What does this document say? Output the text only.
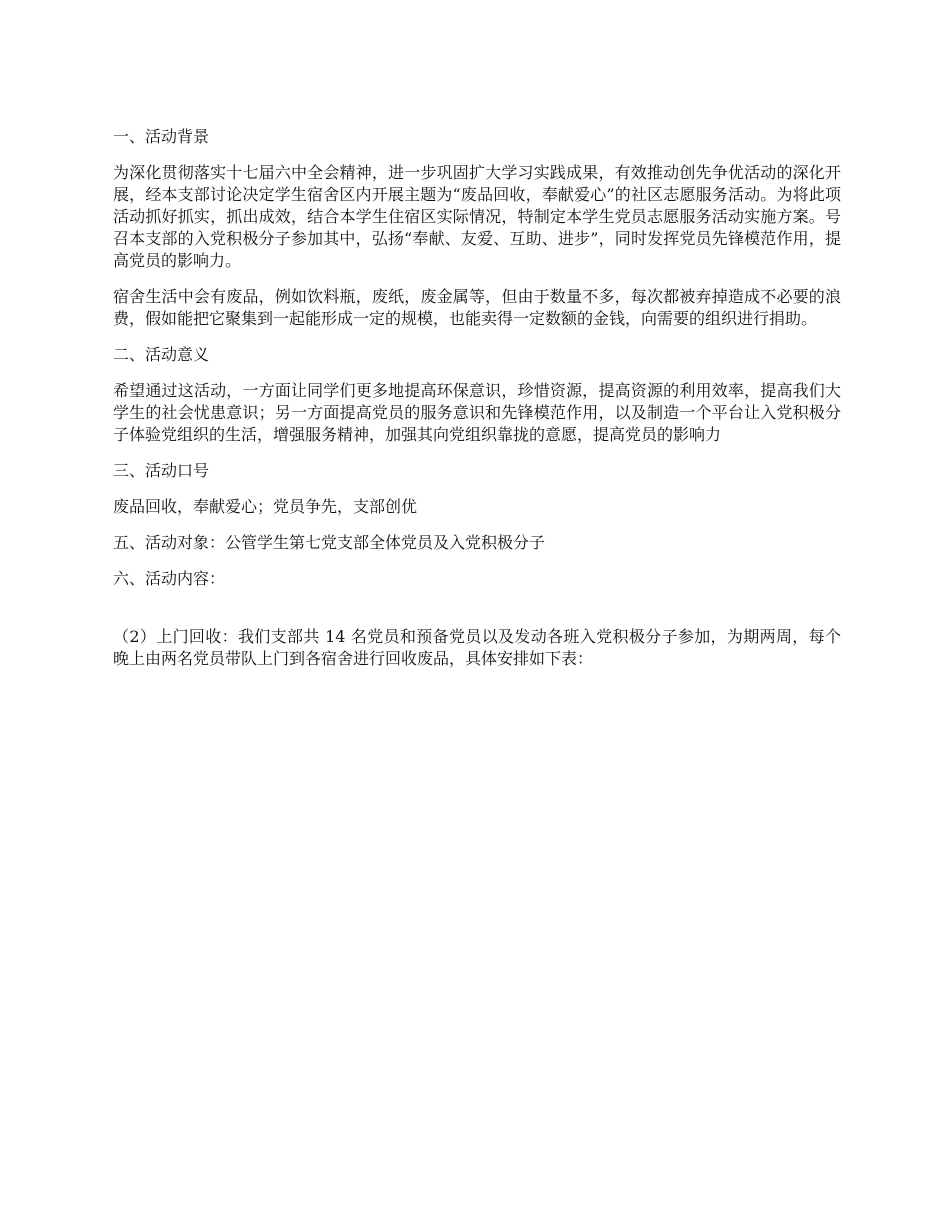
一、活动背景

为深化贯彻落实十七届六中全会精神，进一步巩固扩大学习实践成果，有效推动创先争优活动的深化开展，经本支部讨论决定学生宿舍区内开展主题为“废品回收，奉献爱心”的社区志愿服务活动。为将此项活动抓好抓实，抓出成效，结合本学生住宿区实际情况，特制定本学生党员志愿服务活动实施方案。号召本支部的入党积极分子参加其中，弘扬“奉献、友爱、互助、进步”，同时发挥党员先锋模范作用，提高党员的影响力。

宿舍生活中会有废品，例如饮料瓶，废纸，废金属等，但由于数量不多，每次都被弃掉造成不必要的浪费，假如能把它聚集到一起能形成一定的规模，也能卖得一定数额的金钱，向需要的组织进行捐助。

二、活动意义

希望通过这活动，一方面让同学们更多地提高环保意识，珍惜资源，提高资源的利用效率，提高我们大学生的社会忧患意识；另一方面提高党员的服务意识和先锋模范作用，以及制造一个平台让入党积极分子体验党组织的生活，增强服务精神，加强其向党组织靠拢的意愿，提高党员的影响力

三、活动口号

废品回收，奉献爱心；党员争先，支部创优

五、活动对象：公管学生第七党支部全体党员及入党积极分子

六、活动内容：

（2）上门回收：我们支部共 14 名党员和预备党员以及发动各班入党积极分子参加，为期两周，每个晚上由两名党员带队上门到各宿舍进行回收废品，具体安排如下表：
